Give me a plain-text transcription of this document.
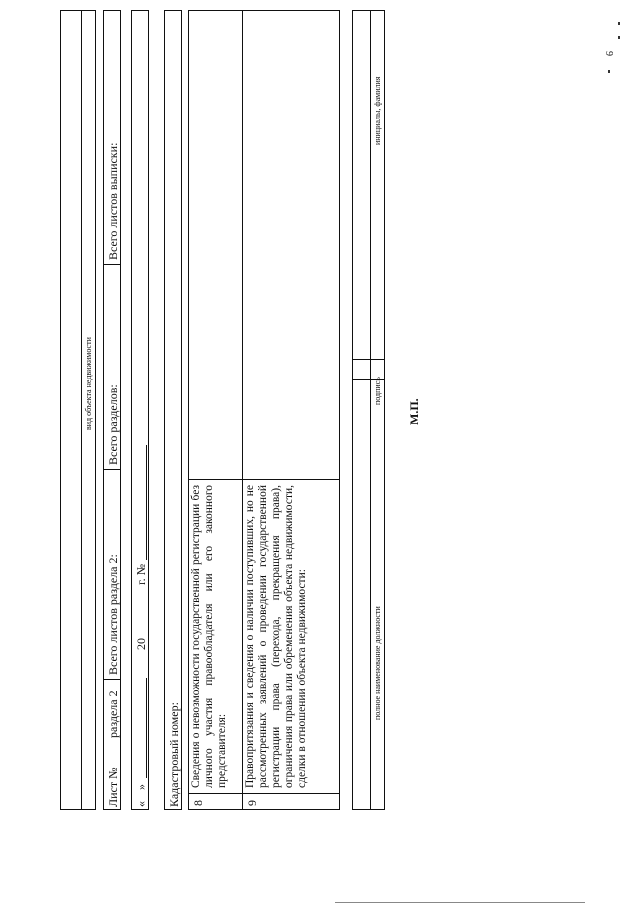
9
вид объекта недвижимости
Лист №
раздела 2
Всего листов раздела 2:
Всего разделов:
Всего листов выписки:
«
»
20
г. №
Кадастровый номер: 8
Сведения о невозможности государственной регистрации без личного участия правообладателя или его законного представителя:
9
Правопритязания и сведения о наличии поступивших, но не рассмотренных заявлений о проведении государственной регистрации права (перехода, прекращения права), ограничения права или обременения объекта недвижимости, сделки в отношении объекта недвижимости:	полное наименование должности
подпись
инициалы, фамилия
М.П.
